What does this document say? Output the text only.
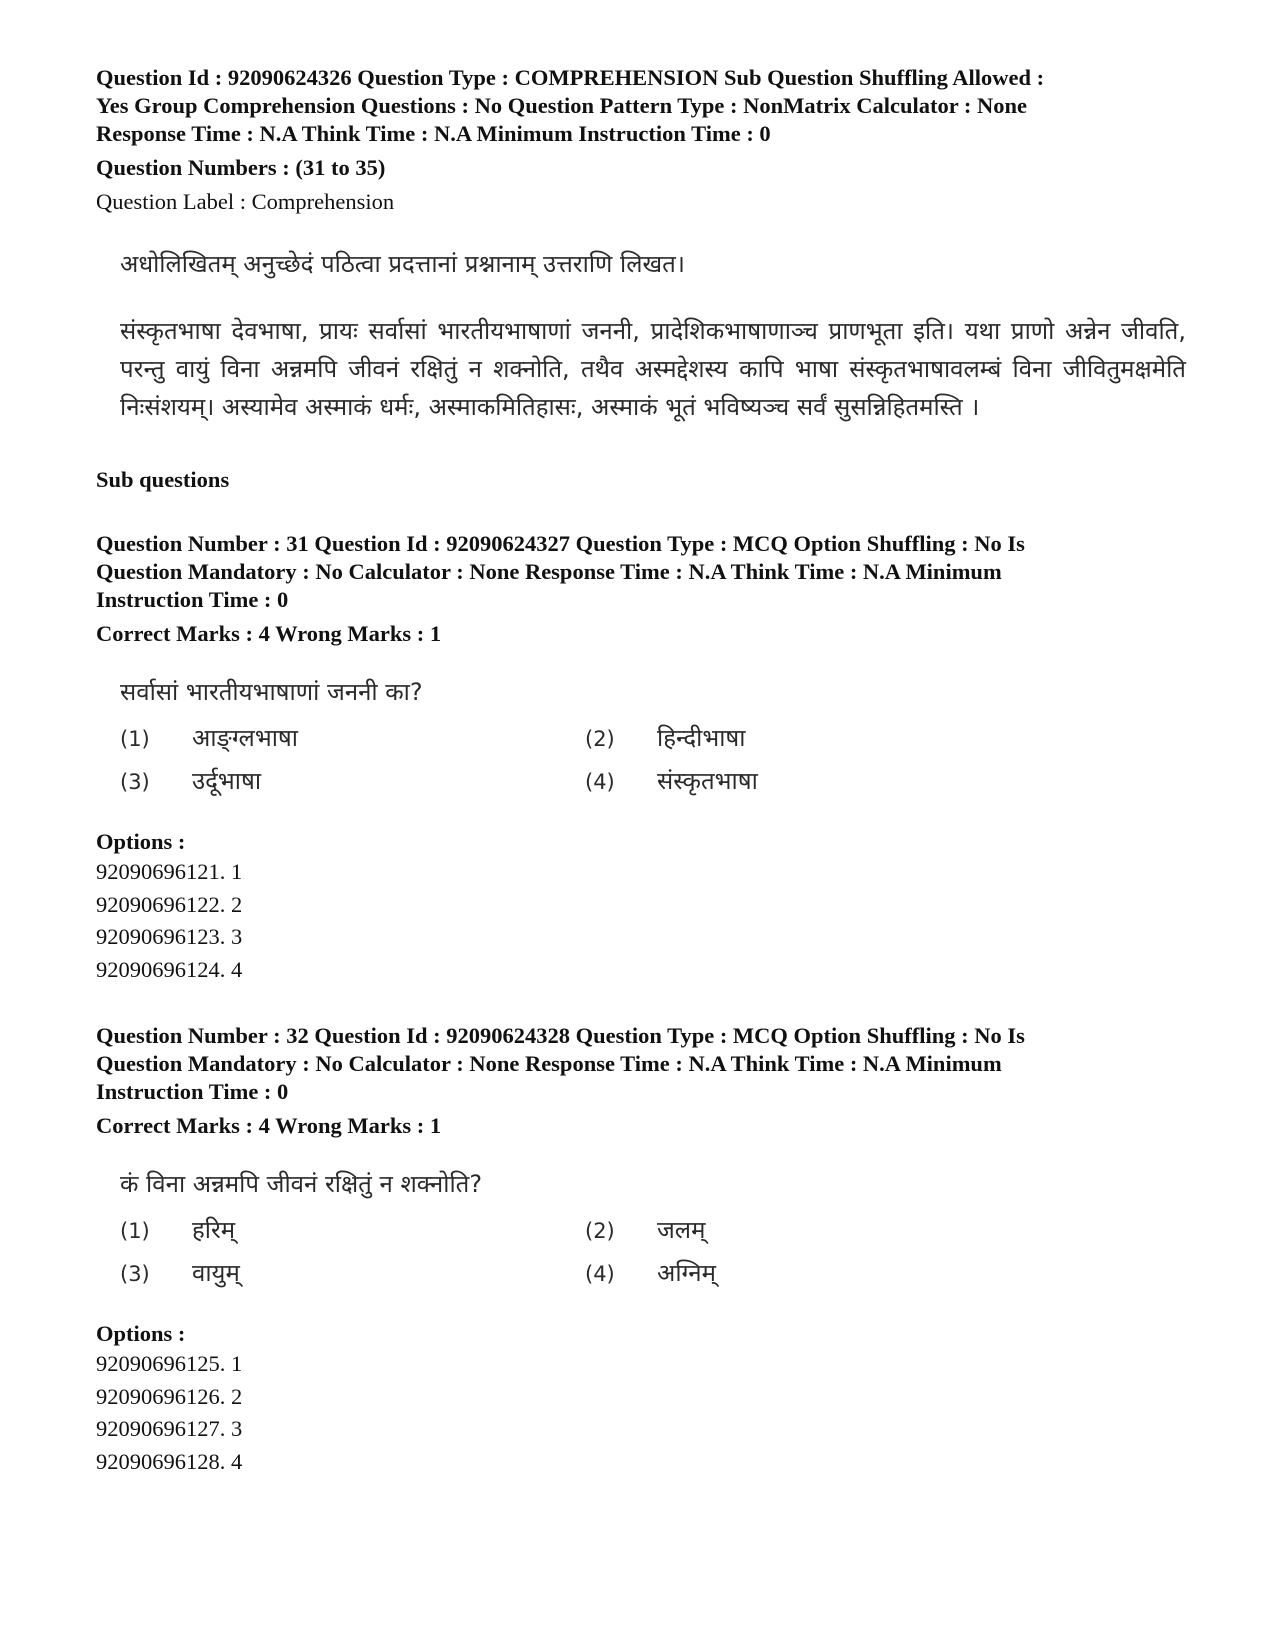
Question Id : 92090624326 Question Type : COMPREHENSION Sub Question Shuffling Allowed :
Yes Group Comprehension Questions : No Question Pattern Type : NonMatrix Calculator : None
Response Time : N.A Think Time : N.A Minimum Instruction Time : 0
Question Numbers : (31 to 35)
Question Label : Comprehension
अधोलिखितम् अनुच्छेदं पठित्वा प्रदत्तानां प्रश्नानाम् उत्तराणि लिखत।
संस्कृतभाषा देवभाषा, प्रायः सर्वासां भारतीयभाषाणां जननी, प्रादेशिकभाषाणाञ्च प्राणभूता इति। यथा प्राणो अन्नेन जीवति, परन्तु वायुं विना अन्नमपि जीवनं रक्षितुं न शक्नोति, तथैव अस्मद्देशस्य कापि भाषा संस्कृतभाषावलम्बं विना जीवितुमक्षमेति निःसंशयम्। अस्यामेव अस्माकं धर्मः, अस्माकमितिहासः, अस्माकं भूतं भविष्यञ्च सर्वं सुसन्निहितमस्ति ।
Sub questions
Question Number : 31 Question Id : 92090624327 Question Type : MCQ Option Shuffling : No Is
Question Mandatory : No Calculator : None Response Time : N.A Think Time : N.A Minimum
Instruction Time : 0
Correct Marks : 4 Wrong Marks : 1
सर्वासां भारतीयभाषाणां जननी का?
(1)	आङ्ग्लभाषा	(2)	हिन्दीभाषा
(3)	उर्दूभाषा	(4)	संस्कृतभाषा
Options :
92090696121. 1
92090696122. 2
92090696123. 3
92090696124. 4
Question Number : 32 Question Id : 92090624328 Question Type : MCQ Option Shuffling : No Is
Question Mandatory : No Calculator : None Response Time : N.A Think Time : N.A Minimum
Instruction Time : 0
Correct Marks : 4 Wrong Marks : 1
कं विना अन्नमपि जीवनं रक्षितुं न शक्नोति?
(1)	हरिम्	(2)	जलम्
(3)	वायुम्	(4)	अग्निम्
Options :
92090696125. 1
92090696126. 2
92090696127. 3
92090696128. 4
